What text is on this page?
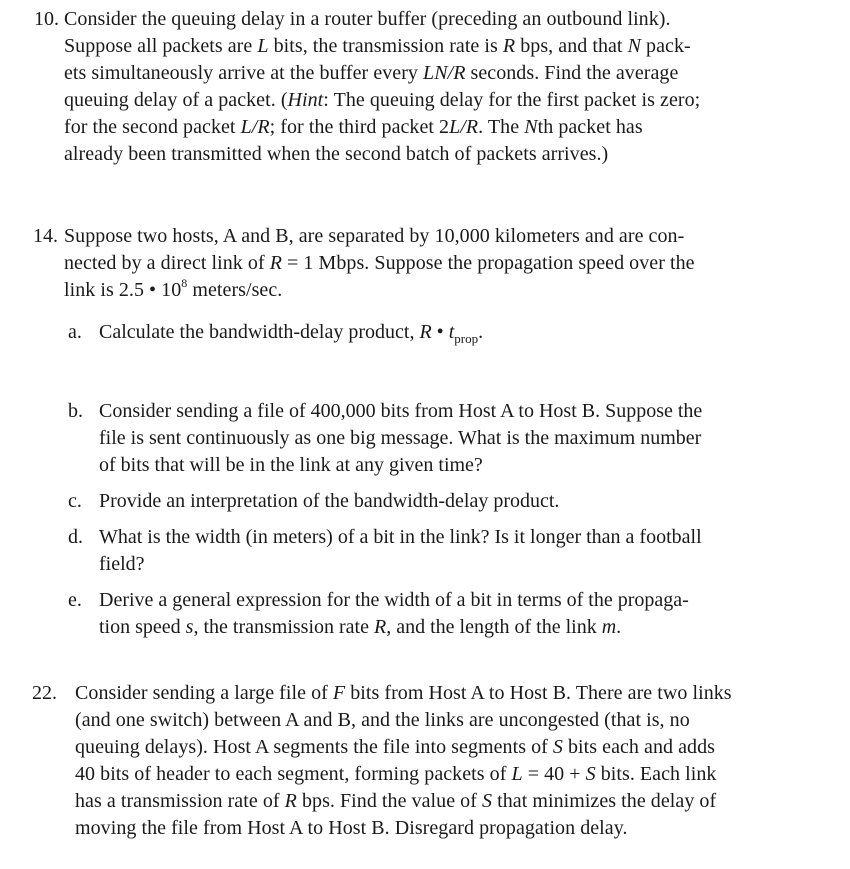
10. Consider the queuing delay in a router buffer (preceding an outbound link).
Suppose all packets are L bits, the transmission rate is R bps, and that N pack-
ets simultaneously arrive at the buffer every LN/R seconds. Find the average
queuing delay of a packet. (Hint: The queuing delay for the first packet is zero;
for the second packet L/R; for the third packet 2L/R. The Nth packet has
already been transmitted when the second batch of packets arrives.)
14. Suppose two hosts, A and B, are separated by 10,000 kilometers and are con-
nected by a direct link of R = 1 Mbps. Suppose the propagation speed over the
link is 2.5 • $10^8$ meters/sec.
a. Calculate the bandwidth-delay product, R • $t_{prop}$.
b. Consider sending a file of 400,000 bits from Host A to Host B. Suppose the
file is sent continuously as one big message. What is the maximum number
of bits that will be in the link at any given time?
c. Provide an interpretation of the bandwidth-delay product.
d. What is the width (in meters) of a bit in the link? Is it longer than a football
field?
e. Derive a general expression for the width of a bit in terms of the propaga-
tion speed s, the transmission rate R, and the length of the link m.
22. Consider sending a large file of F bits from Host A to Host B. There are two links
(and one switch) between A and B, and the links are uncongested (that is, no
queuing delays). Host A segments the file into segments of S bits each and adds
40 bits of header to each segment, forming packets of L = 40 + S bits. Each link
has a transmission rate of R bps. Find the value of S that minimizes the delay of
moving the file from Host A to Host B. Disregard propagation delay.
